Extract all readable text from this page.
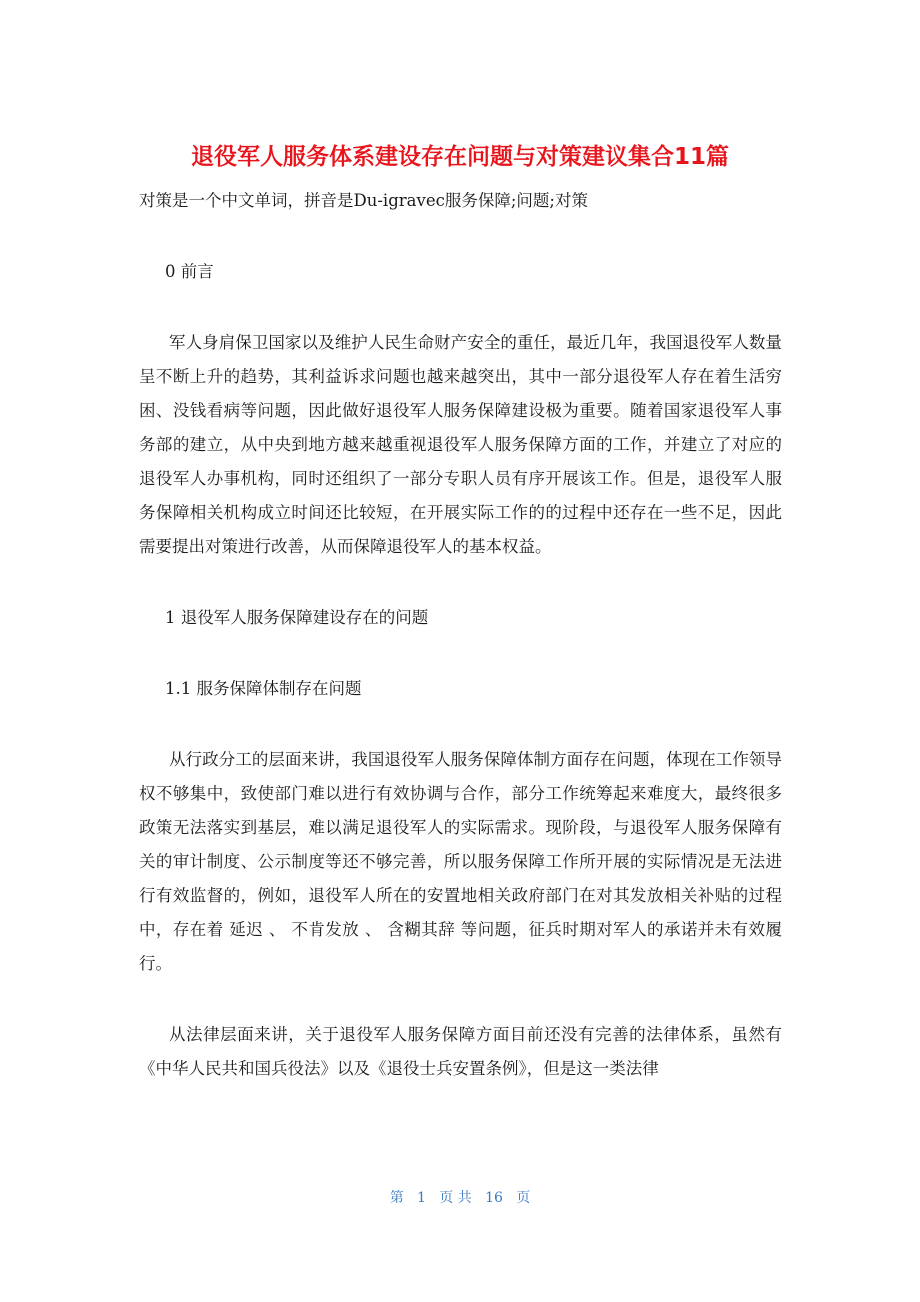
退役军人服务体系建设存在问题与对策建议集合11篇

对策是一个中文单词，拼音是Du-igravec服务保障;问题;对策

0 前言

军人身肩保卫国家以及维护人民生命财产安全的重任，最近几年，我国退役军人数量呈不断上升的趋势，其利益诉求问题也越来越突出，其中一部分退役军人存在着生活穷困、没钱看病等问题，因此做好退役军人服务保障建设极为重要。随着国家退役军人事务部的建立，从中央到地方越来越重视退役军人服务保障方面的工作，并建立了对应的退役军人办事机构，同时还组织了一部分专职人员有序开展该工作。但是，退役军人服务保障相关机构成立时间还比较短，在开展实际工作的的过程中还存在一些不足，因此需要提出对策进行改善，从而保障退役军人的基本权益。

1 退役军人服务保障建设存在的问题

1.1 服务保障体制存在问题

从行政分工的层面来讲，我国退役军人服务保障体制方面存在问题，体现在工作领导权不够集中，致使部门难以进行有效协调与合作，部分工作统筹起来难度大，最终很多政策无法落实到基层，难以满足退役军人的实际需求。现阶段，与退役军人服务保障有关的审计制度、公示制度等还不够完善，所以服务保障工作所开展的实际情况是无法进行有效监督的，例如，退役军人所在的安置地相关政府部门在对其发放相关补贴的过程中，存在着 延迟 、 不肯发放 、 含糊其辞 等问题，征兵时期对军人的承诺并未有效履行。

从法律层面来讲，关于退役军人服务保障方面目前还没有完善的法律体系，虽然有《中华人民共和国兵役法》以及《退役士兵安置条例》，但是这一类法律

第   1   页 共   16   页
